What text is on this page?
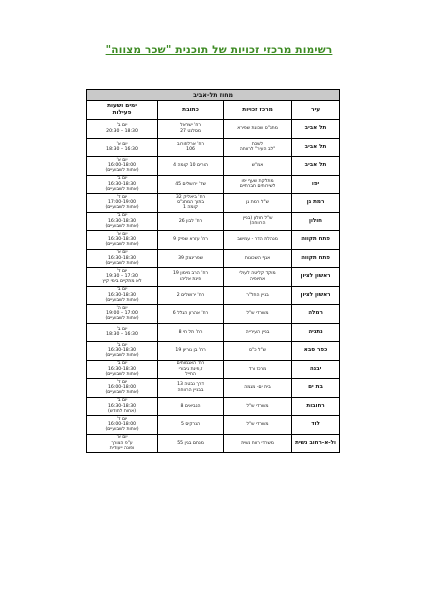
רשימות מרכזי זכויות של תוכנית "שכר מצווה"
מחוז תל-אביב			
עיר	מרכז זכויות	כתובת	ימים ושעות
פעילות

תל אביב	מתנ"ס שכונת שפירא	רח' ישראל
מסלנט 27	יום ב'
18:30 – 20:30

תל אביב	לשכת
"לב העיר" לרווחה	רח' ארלוזורוב
106	יום א'
16:30 – 18:30

תל אביב	אמ"ש	הורים 10 קומה 4	יום א'
16:00-18:00
(אחות לשבועיים)

יפו	מתלקת שעף יפו
לשירותים חברתיים	שד' ירושלים 45	יום ב'
16:30-18:30
(אחות לשבועיים)

רמת גן	ש"ל רמת גן	רח' ביאליק 32
בתוך המתנ"ס
קומה 1	יום ד'
17:00-19:00
(אחות לשבועיים)

חולון	ש"ל חולון (בניין
הרווחה)	רח' לבון 26	יום ב'
16:30-18:30
(אחות לשבועיים)

פתח תקווה	מנהלת הדר - עמישב	רח' עזרא שפיק 9	יום א'
16:30-18:30
(אחות לשבועיים)

פתח תקווה	אגף השכונות	שפרינצק 39	יום א'
16:30-18:30
(אחות לשבועיים)

ראשון לציון	מוקד קליטה לעולי
אתיופיה	רח' הרב מימון 19
פינת אליהו	יום ד'
17:30 – 19:30
לא מתקיים בימי קיץ

ראשון לציון	בניין החל"ר	רח' ירושלים 2	יום ב'
16:30-18:30
(אחות לשבועיים)

רמלה	משרדי ש"ל	רח' אהרון הגלל 6	יום ה'
17:00 – 19:00
(אחות לשבועיים)

נתניה	בניין העירייה	רח' תל חי 8	יום ב'
16:30 – 18:30

כפר סבא	ש"ל כ"ס	רח' בן גוריון 19	יום ב'
16:30-18:30
(אחות לשבועיים)

יבנה	מרכז ורד	רח' האגמוחים
ז,פינת גיבורי
החייל	יום ב'
16:30-18:30
(אחות לשבועיים)

בת ים	בית ים- מגמה	דרך נבטה 13
בבניין הרווחה	יום ד'
16:00-18:00
(אחות לשבועיים)

רחובות	משרדי ש"ל	הנביאים 8	יום ב'
16:30-18:30
(אחות לחודש)

לוד	משרדי ש"ל	הנרקיס 5	יום ד'
16:00-18:00
(אחות לשבועיים)

ול-א-רחוב נשית	משרדי רווח נשית	מנחם בגין 55	יום א'
ע"פ הצורך
ופונה ייעודית
